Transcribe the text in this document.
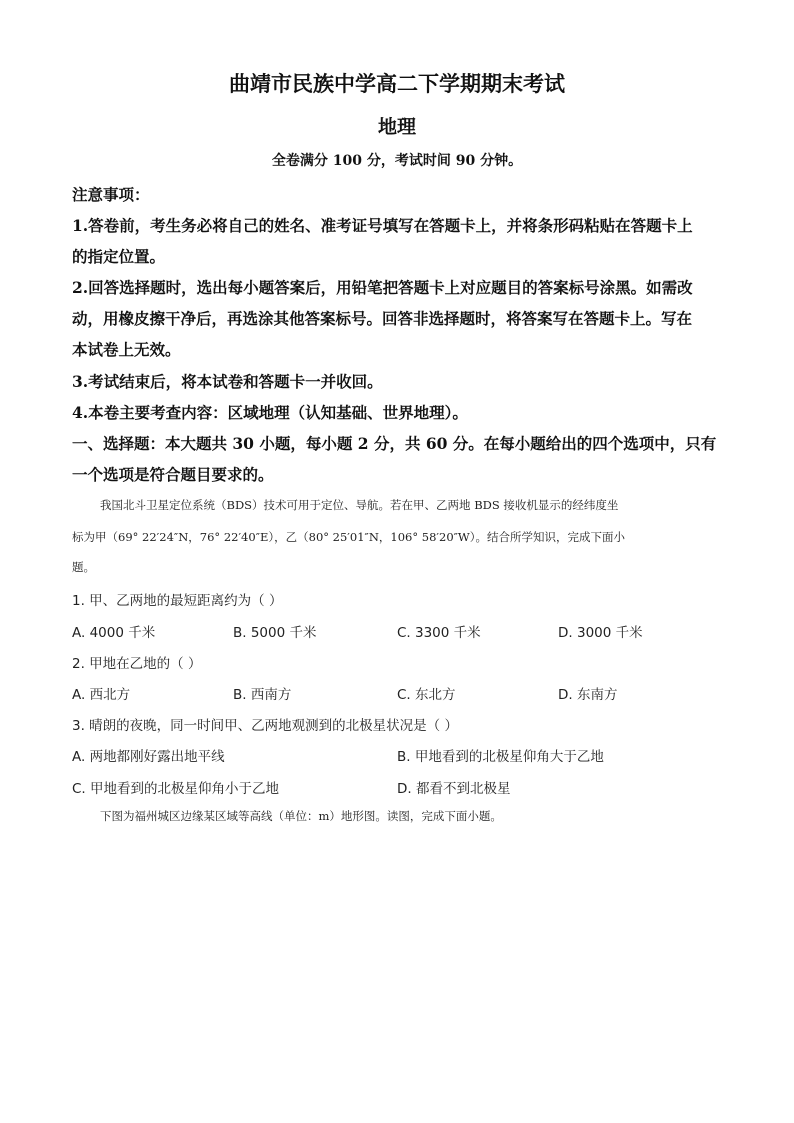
曲靖市民族中学高二下学期期末考试
地理
全卷满分 100 分，考试时间 90 分钟。
注意事项：
1.答卷前，考生务必将自己的姓名、准考证号填写在答题卡上，并将条形码粘贴在答题卡上
的指定位置。
2.回答选择题时，选出每小题答案后，用铅笔把答题卡上对应题目的答案标号涂黑。如需改
动，用橡皮擦干净后，再选涂其他答案标号。回答非选择题时，将答案写在答题卡上。写在
本试卷上无效。
3.考试结束后，将本试卷和答题卡一并收回。
4.本卷主要考查内容：区域地理（认知基础、世界地理）。
一、选择题：本大题共 30 小题，每小题 2 分，共 60 分。在每小题给出的四个选项中，只有
一个选项是符合题目要求的。
我国北斗卫星定位系统（BDS）技术可用于定位、导航。若在甲、乙两地 BDS 接收机显示的经纬度坐
标为甲（69° 22′24″N，76° 22′40″E），乙（80° 25′01″N，106° 58′20″W）。结合所学知识，完成下面小
题。
1. 甲、乙两地的最短距离约为（ ）
A. 4000 千米	B. 5000 千米	C. 3300 千米	D. 3000 千米
2. 甲地在乙地的（ ）
A. 西北方	B. 西南方	C. 东北方	D. 东南方
3. 晴朗的夜晚，同一时间甲、乙两地观测到的北极星状况是（ ）
A. 两地都刚好露出地平线	B. 甲地看到的北极星仰角大于乙地
C. 甲地看到的北极星仰角小于乙地	D. 都看不到北极星
下图为福州城区边缘某区域等高线（单位：m）地形图。读图，完成下面小题。
